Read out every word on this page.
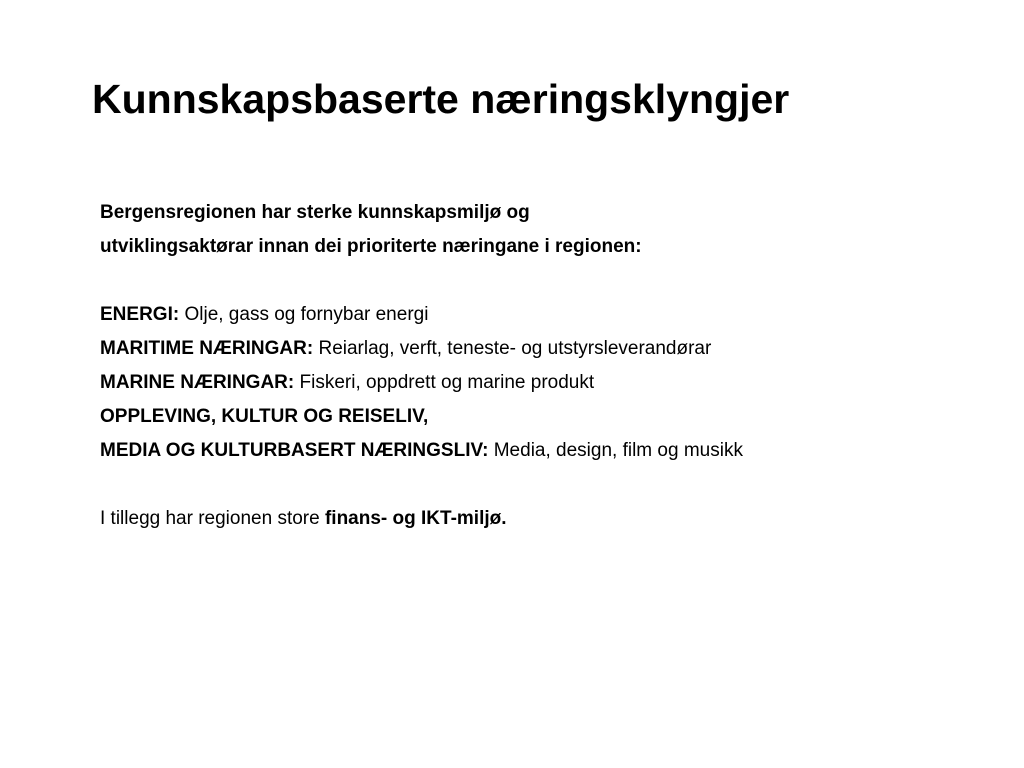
Kunnskapsbaserte næringsklyngjer
Bergensregionen har sterke kunnskapsmiljø og
utviklingsaktørar innan dei prioriterte næringane i regionen:
ENERGI: Olje, gass og fornybar energi
MARITIME NÆRINGAR: Reiarlag, verft, teneste- og utstyrsleverandørar
MARINE NÆRINGAR: Fiskeri, oppdrett og marine produkt
OPPLEVING, KULTUR OG REISELIV,
MEDIA OG KULTURBASERT NÆRINGSLIV: Media, design, film og musikk
I tillegg har regionen store finans- og IKT-miljø.
